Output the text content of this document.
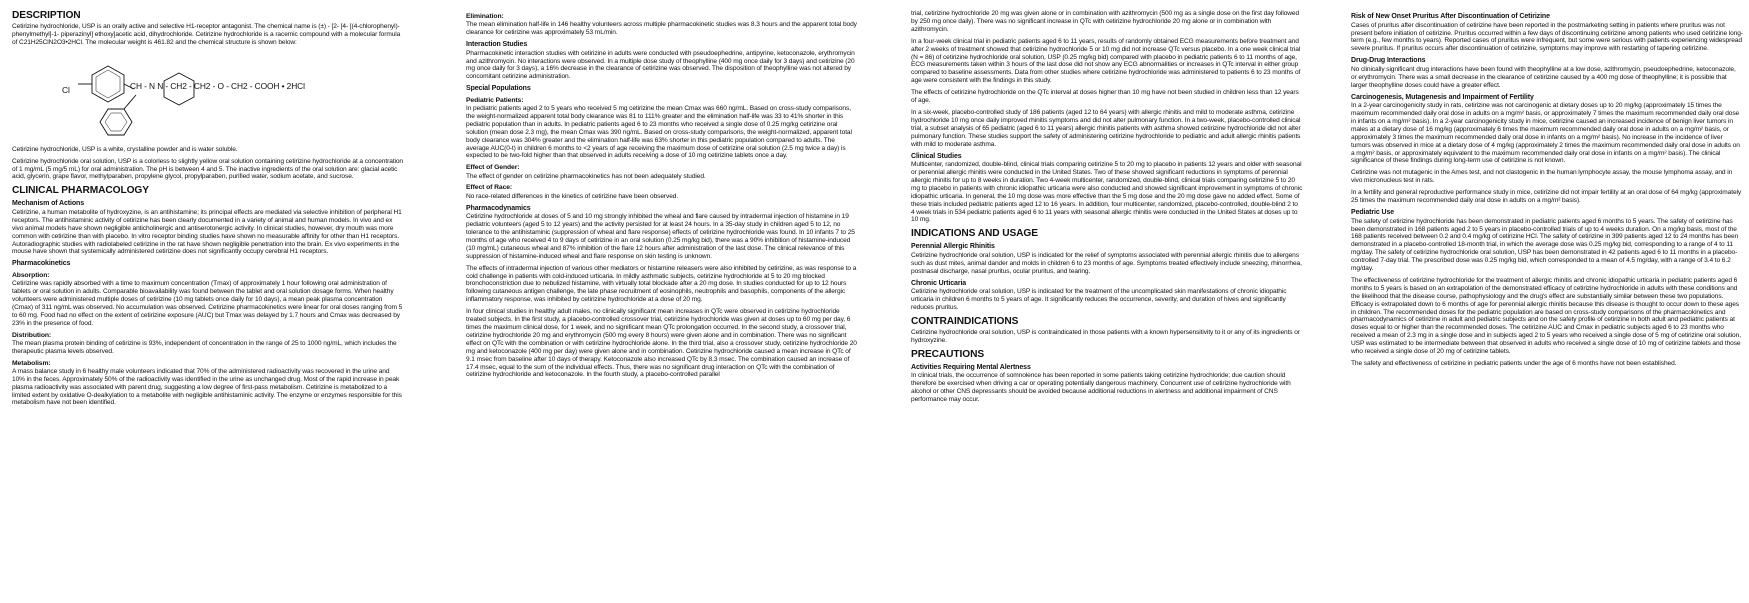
DESCRIPTION

Cetirizine hydrochloride, USP is an orally active and selective H1-receptor antagonist. The chemical name is (±) - [2- [4- [(4-chlorophenyl)-phenylmethyl]-1- piperazinyl] ethoxy]acetic acid, dihydrochloride. Cetirizine hydrochloride is a racemic compound with a molecular formula of C21H25ClN2O3•2HCl. The molecular weight is 461.82 and the chemical structure is shown below:

Cl	CH - N N - CH2 - CH2 - O - CH2 - COOH • 2HCl

Cetirizine hydrochloride, USP is a white, crystalline powder and is water soluble.

Cetirizine hydrochloride oral solution, USP is a colorless to slightly yellow oral solution containing cetirizine hydrochloride at a concentration of 1 mg/mL (5 mg/5 mL) for oral administration. The pH is between 4 and 5. The inactive ingredients of the oral solution are: glacial acetic acid, glycerin, grape flavor, methylparaben, propylene glycol, propylparaben, purified water, sodium acetate, and sucrose.

CLINICAL PHARMACOLOGY
Mechanism of Actions

Cetirizine, a human metabolite of hydroxyzine, is an antihistamine; its principal effects are mediated via selective inhibition of peripheral H1 receptors. The antihistaminic activity of cetirizine has been clearly documented in a variety of animal and human models. In vivo and ex vivo animal models have shown negligible anticholinergic and antiserotonergic activity. In clinical studies, however, dry mouth was more common with cetirizine than with placebo. In vitro receptor binding studies have shown no measurable affinity for other than H1 receptors. Autoradiographic studies with radiolabeled cetirizine in the rat have shown negligible penetration into the brain. Ex vivo experiments in the mouse have shown that systemically administered cetirizine does not significantly occupy cerebral H1 receptors.

Pharmacokinetics
Absorption:

Cetirizine was rapidly absorbed with a time to maximum concentration (Tmax) of approximately 1 hour following oral administration of tablets or oral solution in adults. Comparable bioavailability was found between the tablet and oral solution dosage forms. When healthy volunteers were administered multiple doses of cetirizine (10 mg tablets once daily for 10 days), a mean peak plasma concentration (Cmax) of 311 ng/mL was observed. No accumulation was observed. Cetirizine pharmacokinetics were linear for oral doses ranging from 5 to 60 mg. Food had no effect on the extent of cetirizine exposure (AUC) but Tmax was delayed by 1.7 hours and Cmax was decreased by 23% in the presence of food.

Distribution:

The mean plasma protein binding of cetirizine is 93%, independent of concentration in the range of 25 to 1000 ng/mL, which includes the therapeutic plasma levels observed.

Metabolism:

A mass balance study in 6 healthy male volunteers indicated that 70% of the administered radioactivity was recovered in the urine and 10% in the feces. Approximately 50% of the radioactivity was identified in the urine as unchanged drug. Most of the rapid increase in peak plasma radioactivity was associated with parent drug, suggesting a low degree of first-pass metabolism. Cetirizine is metabolized to a limited extent by oxidative O-dealkylation to a metabolite with negligible antihistaminic activity. The enzyme or enzymes responsible for this metabolism have not been identified.

Elimination:

The mean elimination half-life in 146 healthy volunteers across multiple pharmacokinetic studies was 8.3 hours and the apparent total body clearance for cetirizine was approximately 53 mL/min.

Interaction Studies

Pharmacokinetic interaction studies with cetirizine in adults were conducted with pseudoephedrine, antipyrine, ketoconazole, erythromycin and azithromycin. No interactions were observed. In a multiple dose study of theophylline (400 mg once daily for 3 days) and cetirizine (20 mg once daily for 3 days), a 16% decrease in the clearance of cetirizine was observed. The disposition of theophylline was not altered by concomitant cetirizine administration.

Special Populations
Pediatric Patients:

In pediatric patients aged 2 to 5 years who received 5 mg cetirizine the mean Cmax was 660 ng/mL. Based on cross-study comparisons, the weight-normalized apparent total body clearance was 81 to 111% greater and the elimination half-life was 33 to 41% shorter in this pediatric population than in adults. In pediatric patients aged 6 to 23 months who received a single dose of 0.25 mg/kg cetirizine oral solution (mean dose 2.3 mg), the mean Cmax was 390 ng/mL. Based on cross-study comparisons, the weight-normalized, apparent total body clearance was 304% greater and the elimination half-life was 63% shorter in this pediatric population compared to adults. The average AUC(0-t) in children 6 months to <2 years of age receiving the maximum dose of cetirizine oral solution (2.5 mg twice a day) is expected to be two-fold higher than that observed in adults receiving a dose of 10 mg cetirizine tablets once a day.

Effect of Gender:

The effect of gender on cetirizine pharmacokinetics has not been adequately studied.

Effect of Race:

No race-related differences in the kinetics of cetirizine have been observed.

Pharmacodynamics

Cetirizine hydrochloride at doses of 5 and 10 mg strongly inhibited the wheal and flare caused by intradermal injection of histamine in 19 pediatric volunteers (aged 5 to 12 years) and the activity persisted for at least 24 hours. In a 35-day study in children aged 5 to 12, no tolerance to the antihistaminic (suppression of wheal and flare response) effects of cetirizine hydrochloride was found. In 10 infants 7 to 25 months of age who received 4 to 9 days of cetirizine in an oral solution (0.25 mg/kg bid), there was a 90% inhibition of histamine-induced (10 mg/mL) cutaneous wheal and 87% inhibition of the flare 12 hours after administration of the last dose. The clinical relevance of this suppression of histamine-induced wheal and flare response on skin testing is unknown.

The effects of intradermal injection of various other mediators or histamine releasers were also inhibited by cetirizine, as was response to a cold challenge in patients with cold-induced urticaria. In mildly asthmatic subjects, cetirizine hydrochloride at 5 to 20 mg blocked bronchoconstriction due to nebulized histamine, with virtually total blockade after a 20 mg dose. In studies conducted for up to 12 hours following cutaneous antigen challenge, the late phase recruitment of eosinophils, neutrophils and basophils, components of the allergic inflammatory response, was inhibited by cetirizine hydrochloride at a dose of 20 mg.

In four clinical studies in healthy adult males, no clinically significant mean increases in QTc were observed in cetirizine hydrochloride treated subjects. In the first study, a placebo-controlled crossover trial, cetirizine hydrochloride was given at doses up to 60 mg per day, 6 times the maximum clinical dose, for 1 week, and no significant mean QTc prolongation occurred. In the second study, a crossover trial, cetirizine hydrochloride 20 mg and erythromycin (500 mg every 8 hours) were given alone and in combination. There was no significant effect on QTc with the combination or with cetirizine hydrochloride alone. In the third trial, also a crossover study, cetirizine hydrochloride 20 mg and ketoconazole (400 mg per day) were given alone and in combination. Cetirizine hydrochloride caused a mean increase in QTc of 9.1 msec from baseline after 10 days of therapy. Ketoconazole also increased QTc by 8.3 msec. The combination caused an increase of 17.4 msec, equal to the sum of the individual effects. Thus, there was no significant drug interaction on QTc with the combination of cetirizine hydrochloride and ketoconazole. In the fourth study, a placebo-controlled parallel

trial, cetirizine hydrochloride 20 mg was given alone or in combination with azithromycin (500 mg as a single dose on the first day followed by 250 mg once daily). There was no significant increase in QTc with cetirizine hydrochloride 20 mg alone or in combination with azithromycin.

In a four-week clinical trial in pediatric patients aged 6 to 11 years, results of randomly obtained ECG measurements before treatment and after 2 weeks of treatment showed that cetirizine hydrochloride 5 or 10 mg did not increase QTc versus placebo. In a one week clinical trial (N = 86) of cetirizine hydrochloride oral solution, USP (0.25 mg/kg bid) compared with placebo in pediatric patients 6 to 11 months of age, ECG measurements taken within 3 hours of the last dose did not show any ECG abnormalities or increases in QTc interval in either group compared to baseline assessments. Data from other studies where cetirizine hydrochloride was administered to patients 6 to 23 months of age were consistent with the findings in this study.

The effects of cetirizine hydrochloride on the QTc interval at doses higher than 10 mg have not been studied in children less than 12 years of age.

In a six-week, placebo-controlled study of 186 patients (aged 12 to 64 years) with allergic rhinitis and mild to moderate asthma, cetirizine hydrochloride 10 mg once daily improved rhinitis symptoms and did not alter pulmonary function. In a two-week, placebo-controlled clinical trial, a subset analysis of 65 pediatric (aged 6 to 11 years) allergic rhinitis patients with asthma showed cetirizine hydrochloride did not alter pulmonary function. These studies support the safety of administering cetirizine hydrochloride to pediatric and adult allergic rhinitis patients with mild to moderate asthma.

Clinical Studies

Multicenter, randomized, double-blind, clinical trials comparing cetirizine 5 to 20 mg to placebo in patients 12 years and older with seasonal or perennial allergic rhinitis were conducted in the United States. Two of these showed significant reductions in symptoms of perennial allergic rhinitis for up to 8 weeks in duration. Two 4-week multicenter, randomized, double-blind, clinical trials comparing cetirizine 5 to 20 mg to placebo in patients with chronic idiopathic urticaria were also conducted and showed significant improvement in symptoms of chronic idiopathic urticaria. In general, the 10 mg dose was more effective than the 5 mg dose and the 20 mg dose gave no added effect. Some of these trials included pediatric patients aged 12 to 16 years. In addition, four multicenter, randomized, placebo-controlled, double-blind 2 to 4 week trials in 534 pediatric patients aged 6 to 11 years with seasonal allergic rhinitis were conducted in the United States at doses up to 10 mg.

INDICATIONS AND USAGE
Perennial Allergic Rhinitis

Cetirizine hydrochloride oral solution, USP is indicated for the relief of symptoms associated with perennial allergic rhinitis due to allergens such as dust mites, animal dander and molds in children 6 to 23 months of age. Symptoms treated effectively include sneezing, rhinorrhea, postnasal discharge, nasal pruritus, ocular pruritus, and tearing.

Chronic Urticaria

Cetirizine hydrochloride oral solution, USP is indicated for the treatment of the uncomplicated skin manifestations of chronic idiopathic urticaria in children 6 months to 5 years of age. It significantly reduces the occurrence, severity, and duration of hives and significantly reduces pruritus.

CONTRAINDICATIONS

Cetirizine hydrochloride oral solution, USP is contraindicated in those patients with a known hypersensitivity to it or any of its ingredients or hydroxyzine.

PRECAUTIONS
Activities Requiring Mental Alertness

In clinical trials, the occurrence of somnolence has been reported in some patients taking cetirizine hydrochloride; due caution should therefore be exercised when driving a car or operating potentially dangerous machinery. Concurrent use of cetirizine hydrochloride with alcohol or other CNS depressants should be avoided because additional reductions in alertness and additional impairment of CNS performance may occur.

Risk of New Onset Pruritus After Discontinuation of Cetirizine

Cases of pruritus after discontinuation of cetirizine have been reported in the postmarketing setting in patients where pruritus was not present before initiation of cetirizine. Pruritus occurred within a few days of discontinuing cetirizine among patients who used cetirizine long-term (e.g., few months to years). Reported cases of pruritus were infrequent, but some were serious with patients experiencing widespread severe pruritus. If pruritus occurs after discontinuation of cetirizine, symptoms may improve with restarting of tapering cetirizine.

Drug-Drug Interactions

No clinically significant drug interactions have been found with theophylline at a low dose, azithromycin, pseudoephedrine, ketoconazole, or erythromycin. There was a small decrease in the clearance of cetirizine caused by a 400 mg dose of theophylline; it is possible that larger theophylline doses could have a greater effect.

Carcinogenesis, Mutagenesis and Impairment of Fertility

In a 2-year carcinogenicity study in rats, cetirizine was not carcinogenic at dietary doses up to 20 mg/kg (approximately 15 times the maximum recommended daily oral dose in adults on a mg/m² basis, or approximately 7 times the maximum recommended daily oral dose in infants on a mg/m² basis). In a 2-year carcinogenicity study in mice, cetirizine caused an increased incidence of benign liver tumors in males at a dietary dose of 16 mg/kg (approximately 6 times the maximum recommended daily oral dose in adults on a mg/m² basis, or approximately 3 times the maximum recommended daily oral dose in infants on a mg/m² basis). No increase in the incidence of liver tumors was observed in mice at a dietary dose of 4 mg/kg (approximately 2 times the maximum recommended daily oral dose in adults on a mg/m² basis, or approximately equivalent to the maximum recommended daily oral dose in infants on a mg/m² basis). The clinical significance of these findings during long-term use of cetirizine is not known.

Cetirizine was not mutagenic in the Ames test, and not clastogenic in the human lymphocyte assay, the mouse lymphoma assay, and in vivo micronucleus test in rats.

In a fertility and general reproductive performance study in mice, cetirizine did not impair fertility at an oral dose of 64 mg/kg (approximately 25 times the maximum recommended daily oral dose in adults on a mg/m² basis).

Pediatric Use

The safety of cetirizine hydrochloride has been demonstrated in pediatric patients aged 6 months to 5 years. The safety of cetirizine has been demonstrated in 168 patients aged 2 to 5 years in placebo-controlled trials of up to 4 weeks duration. On a mg/kg basis, most of the 168 patients received between 0.2 and 0.4 mg/kg of cetirizine HCl. The safety of cetirizine in 399 patients aged 12 to 24 months has been demonstrated in a placebo-controlled 18-month trial, in which the average dose was 0.25 mg/kg bid, corresponding to a range of 4 to 11 mg/day. The safety of cetirizine hydrochloride oral solution, USP has been demonstrated in 42 patients aged 6 to 11 months in a placebo-controlled 7-day trial. The prescribed dose was 0.25 mg/kg bid, which corresponded to a mean of 4.5 mg/day, with a range of 3.4 to 6.2 mg/day.

The effectiveness of cetirizine hydrochloride for the treatment of allergic rhinitis and chronic idiopathic urticaria in pediatric patients aged 6 months to 5 years is based on an extrapolation of the demonstrated efficacy of cetirizine hydrochloride in adults with these conditions and the likelihood that the disease course, pathophysiology and the drug's effect are substantially similar between these two populations. Efficacy is extrapolated down to 6 months of age for perennial allergic rhinitis because this disease is thought to occur down to these ages in children. The recommended doses for the pediatric population are based on cross-study comparisons of the pharmacokinetics and pharmacodynamics of cetirizine in adult and pediatric subjects and on the safety profile of cetirizine in both adult and pediatric patients at doses equal to or higher than the recommended doses. The cetirizine AUC and Cmax in pediatric subjects aged 6 to 23 months who received a mean of 2.3 mg in a single dose and in subjects aged 2 to 5 years who received a single dose of 5 mg of cetirizine oral solution, USP was estimated to be intermediate between that observed in adults who received a single dose of 10 mg of cetirizine tablets and those who received a single dose of 20 mg of cetirizine tablets.

The safety and effectiveness of cetirizine in pediatric patients under the age of 6 months have not been established.
